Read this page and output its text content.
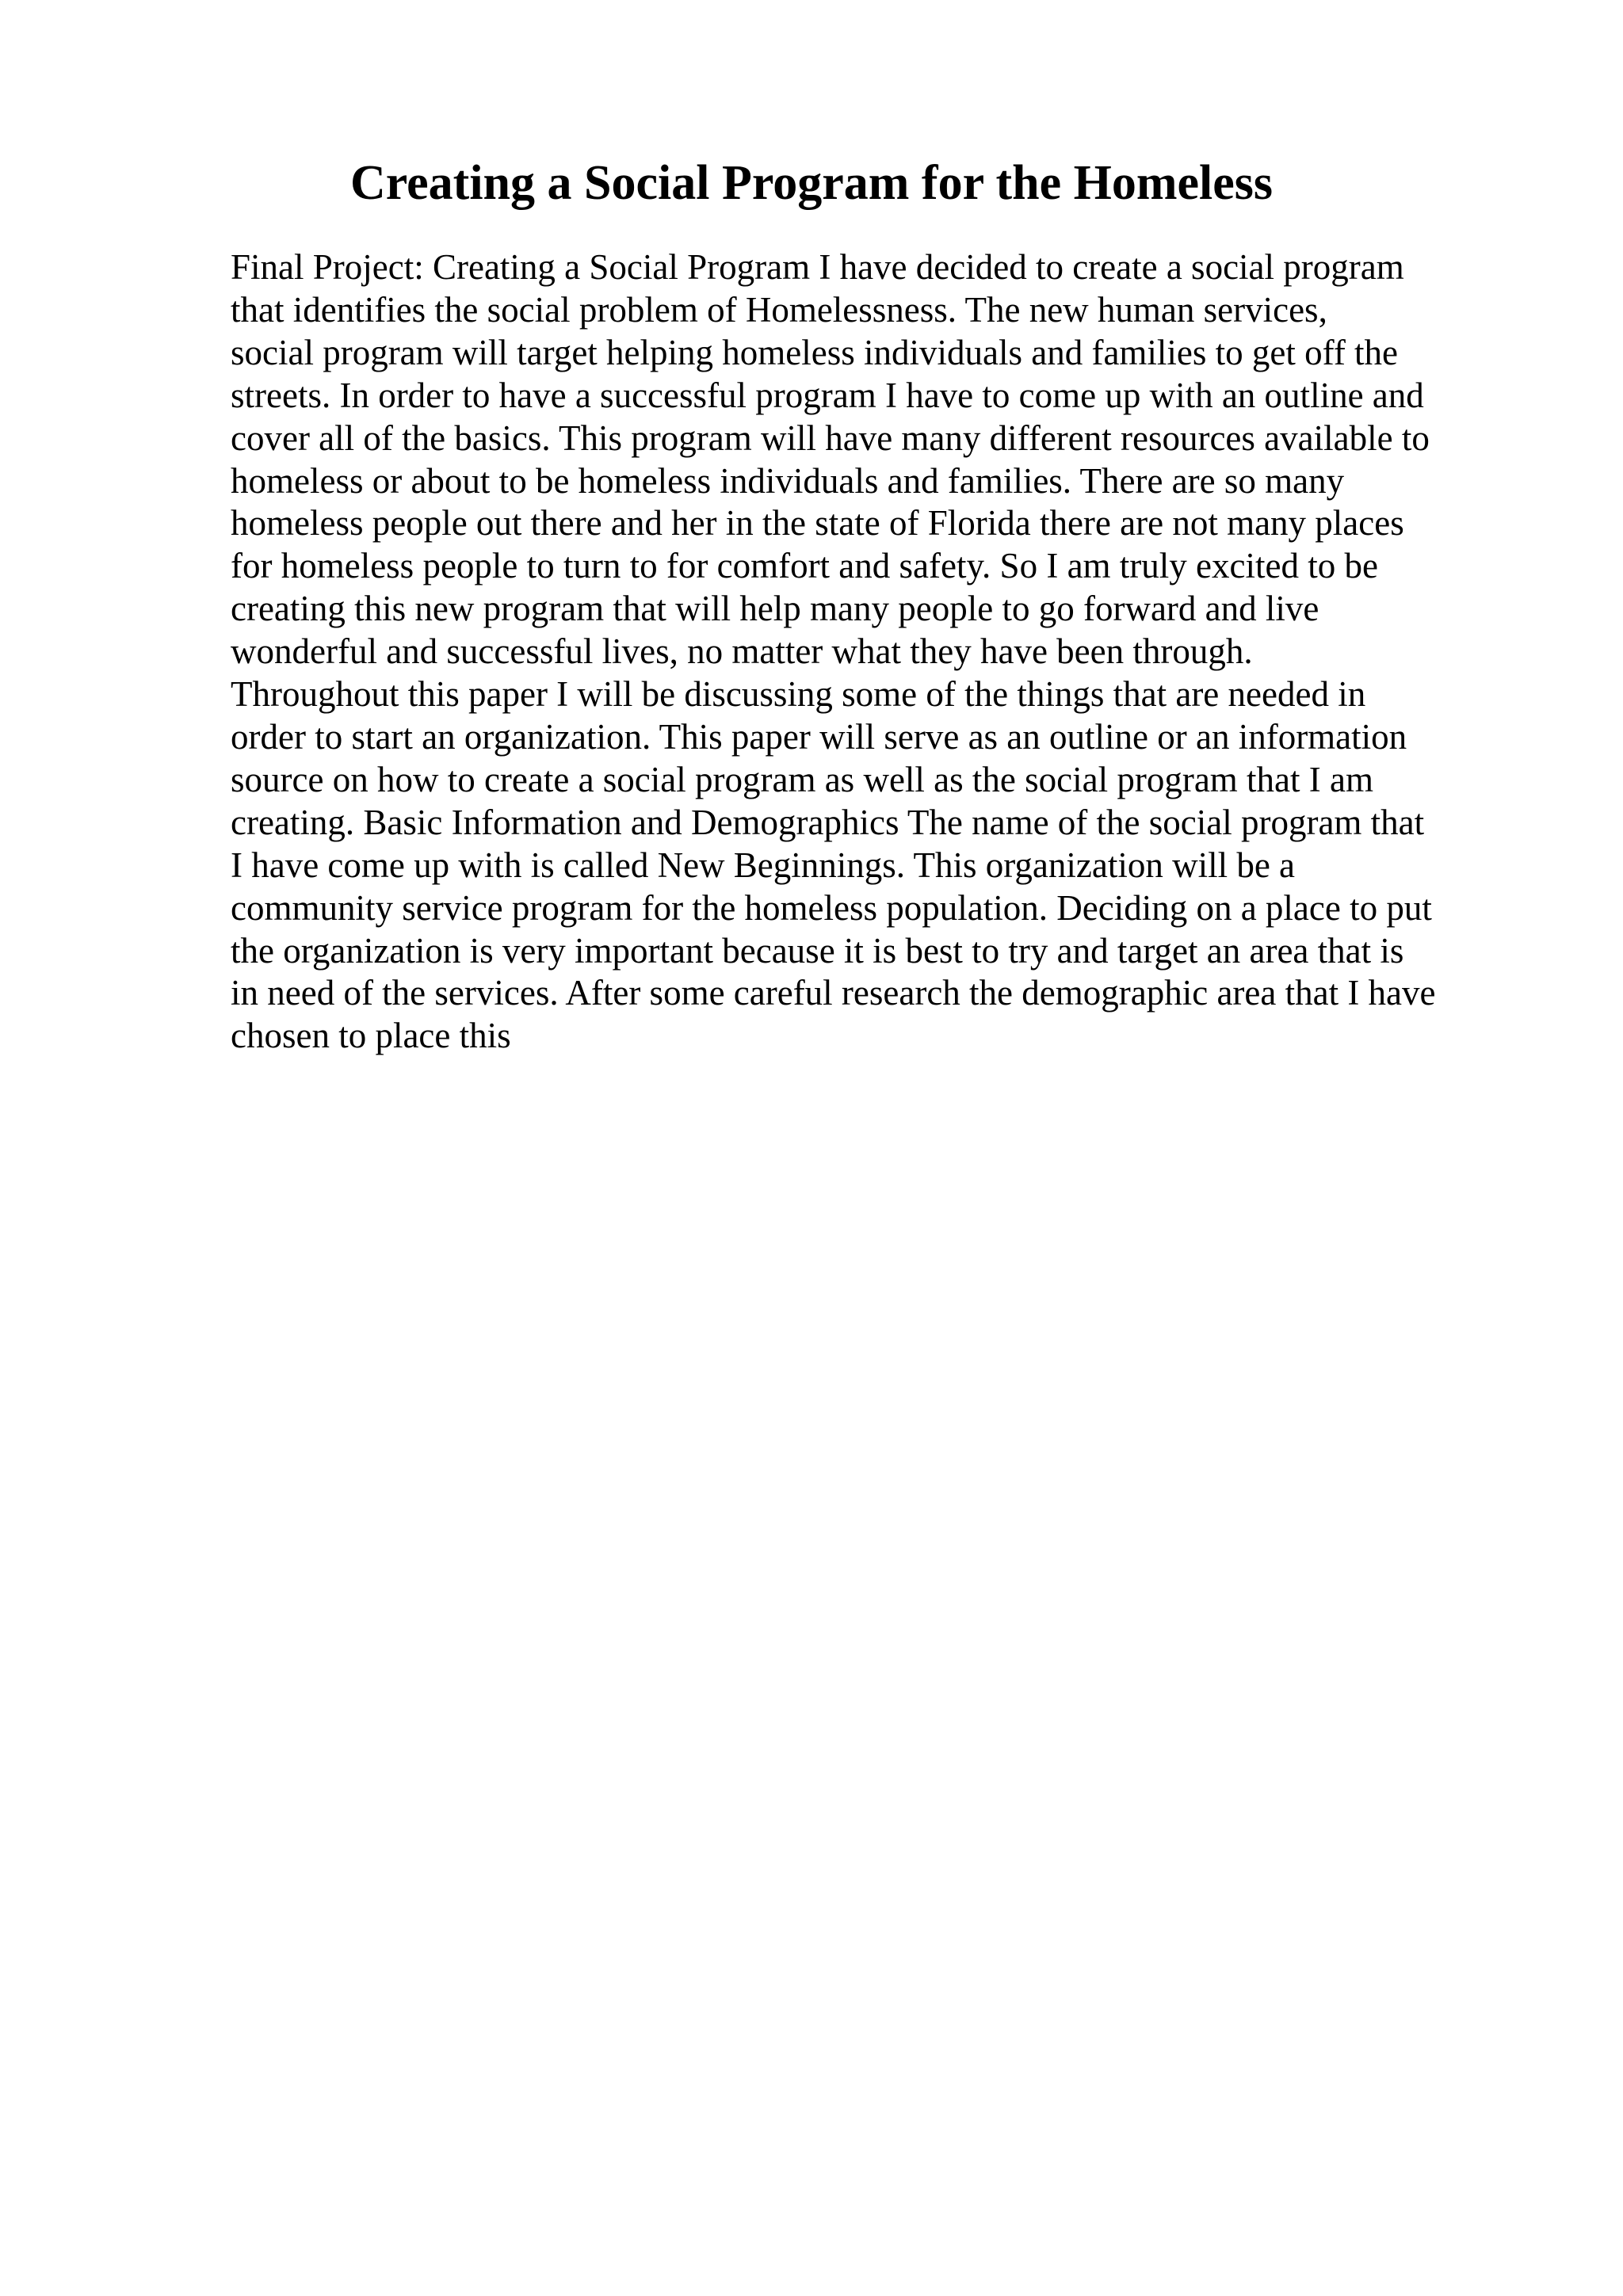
Creating a Social Program for the Homeless
Final Project: Creating a Social Program I have decided to create a social program
that identifies the social problem of Homelessness. The new human services,
social program will target helping homeless individuals and families to get off the
streets. In order to have a successful program I have to come up with an outline and
cover all of the basics. This program will have many different resources available to
homeless or about to be homeless individuals and families. There are so many
homeless people out there and her in the state of Florida there are not many places
for homeless people to turn to for comfort and safety. So I am truly excited to be
creating this new program that will help many people to go forward and live
wonderful and successful lives, no matter what they have been through.
Throughout this paper I will be discussing some of the things that are needed in
order to start an organization. This paper will serve as an outline or an information
source on how to create a social program as well as the social program that I am
creating. Basic Information and Demographics The name of the social program that
I have come up with is called New Beginnings. This organization will be a
community service program for the homeless population. Deciding on a place to put
the organization is very important because it is best to try and target an area that is
in need of the services. After some careful research the demographic area that I have
chosen to place this
